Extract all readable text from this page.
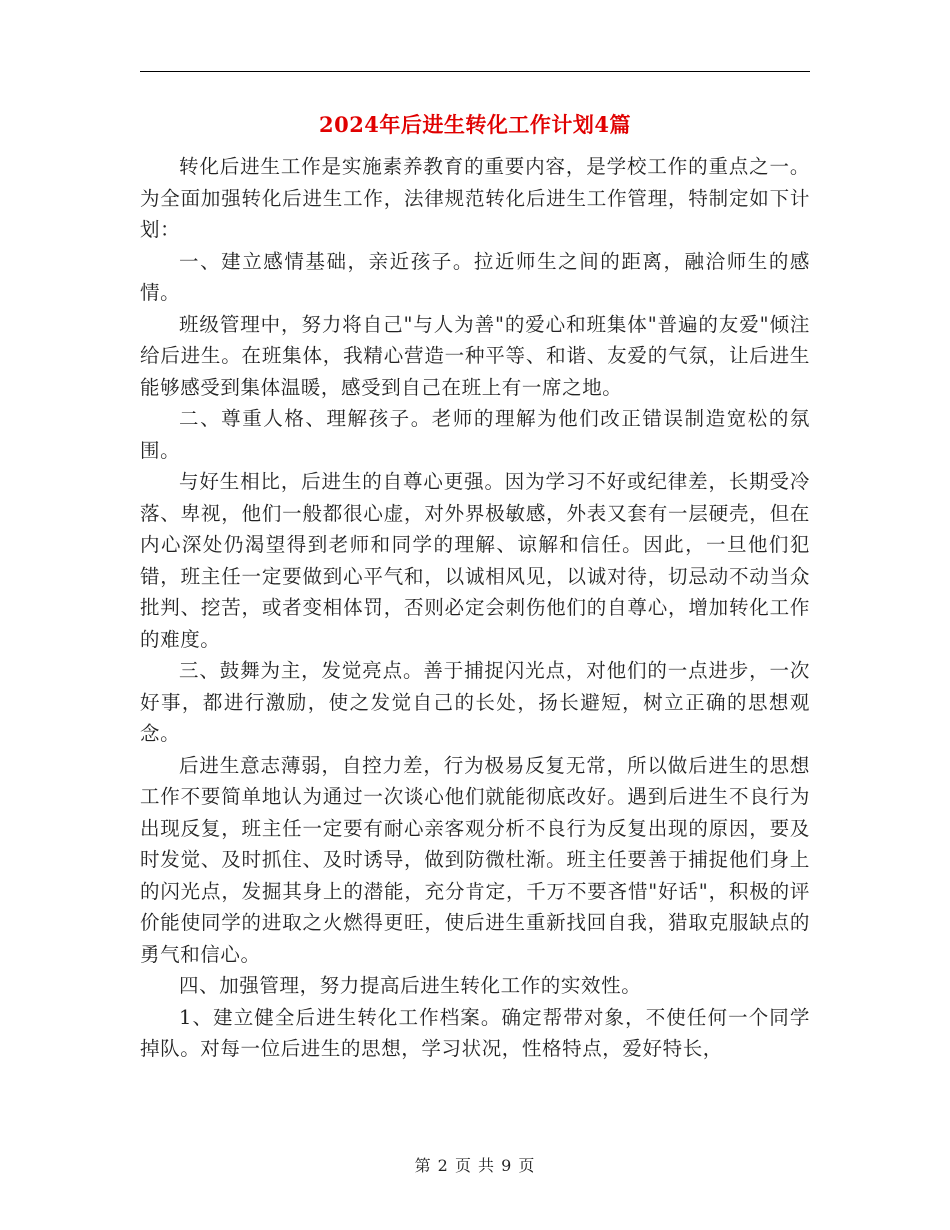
2024年后进生转化工作计划4篇

转化后进生工作是实施素养教育的重要内容，是学校工作的重点之一。为全面加强转化后进生工作，法律规范转化后进生工作管理，特制定如下计划：

一、建立感情基础，亲近孩子。拉近师生之间的距离，融洽师生的感情。

班级管理中，努力将自己"与人为善"的爱心和班集体"普遍的友爱"倾注给后进生。在班集体，我精心营造一种平等、和谐、友爱的气氛，让后进生能够感受到集体温暖，感受到自己在班上有一席之地。

二、尊重人格、理解孩子。老师的理解为他们改正错误制造宽松的氛围。

与好生相比，后进生的自尊心更强。因为学习不好或纪律差，长期受冷落、卑视，他们一般都很心虚，对外界极敏感，外表又套有一层硬壳，但在内心深处仍渴望得到老师和同学的理解、谅解和信任。因此，一旦他们犯错，班主任一定要做到心平气和，以诚相风见，以诚对待，切忌动不动当众批判、挖苦，或者变相体罚，否则必定会刺伤他们的自尊心，增加转化工作的难度。

三、鼓舞为主，发觉亮点。善于捕捉闪光点，对他们的一点进步，一次好事，都进行激励，使之发觉自己的长处，扬长避短，树立正确的思想观念。

后进生意志薄弱，自控力差，行为极易反复无常，所以做后进生的思想工作不要简单地认为通过一次谈心他们就能彻底改好。遇到后进生不良行为出现反复，班主任一定要有耐心亲客观分析不良行为反复出现的原因，要及时发觉、及时抓住、及时诱导，做到防微杜渐。班主任要善于捕捉他们身上的闪光点，发掘其身上的潜能，充分肯定，千万不要吝惜"好话"，积极的评价能使同学的进取之火燃得更旺，使后进生重新找回自我，猎取克服缺点的勇气和信心。

四、加强管理，努力提高后进生转化工作的实效性。

1、建立健全后进生转化工作档案。确定帮带对象，不使任何一个同学掉队。对每一位后进生的思想，学习状况，性格特点，爱好特长，

第 2 页 共 9 页
